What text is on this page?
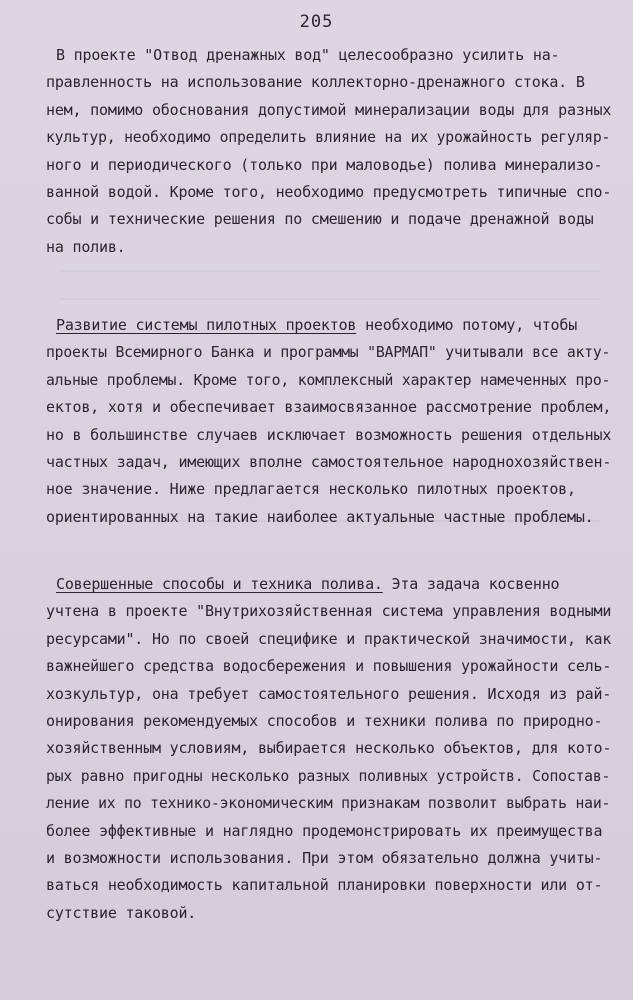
205
В проекте "Отвод дренажных вод" целесообразно усилить на-
правленность на использование коллекторно-дренажного стока. В
нем, помимо обоснования допустимой минерализации воды для разных
культур, необходимо определить влияние на их урожайность регуляр-
ного и периодического (только при маловодье) полива минерализо-
ванной водой. Кроме того, необходимо предусмотреть типичные спо-
собы и технические решения по смешению и подаче дренажной воды
на полив.
Развитие системы пилотных проектов необходимо потому, чтобы
проекты Всемирного Банка и программы "ВАРМАП" учитывали все акту-
альные проблемы. Кроме того, комплексный характер намеченных про-
ектов, хотя и обеспечивает взаимосвязанное рассмотрение проблем,
но в большинстве случаев исключает возможность решения отдельных
частных задач, имеющих вполне самостоятельное народнохозяйствен-
ное значение. Ниже предлагается несколько пилотных проектов,
ориентированных на такие наиболее актуальные частные проблемы.
Совершенные способы и техника полива. Эта задача косвенно
учтена в проекте "Внутрихозяйственная система управления водными
ресурсами". Но по своей специфике и практической значимости, как
важнейшего средства водосбережения и повышения урожайности сель-
хозкультур, она требует самостоятельного решения. Исходя из рай-
онирования рекомендуемых способов и техники полива по природно-
хозяйственным условиям, выбирается несколько объектов, для кото-
рых равно пригодны несколько разных поливных устройств. Сопостав-
ление их по технико-экономическим признакам позволит выбрать наи-
более эффективные и наглядно продемонстрировать их преимущества
и возможности использования. При этом обязательно должна учиты-
ваться необходимость капитальной планировки поверхности или от-
сутствие таковой.
